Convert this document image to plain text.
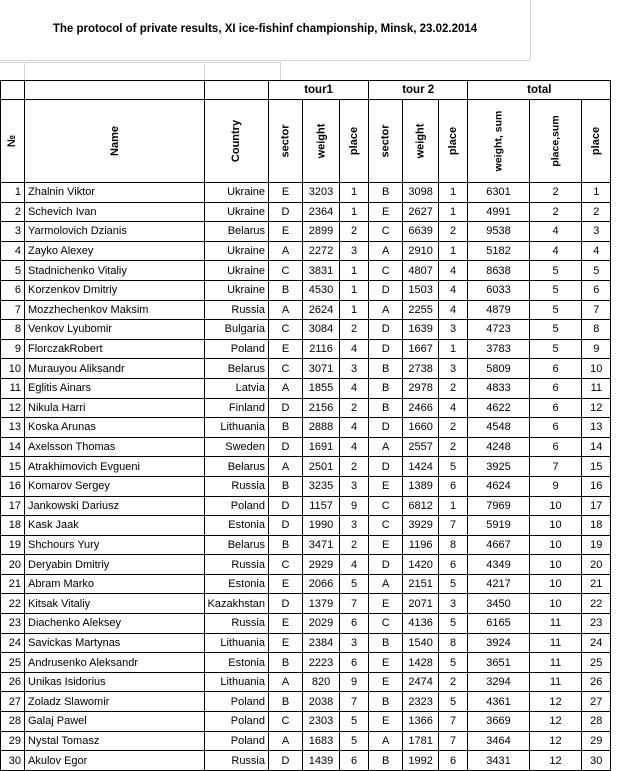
The protocol of private results, XI ice-fishinf championship, Minsk, 23.02.2014
			tour1			tour 2			total		
№	Name	Country	sector	weight	place	sector	weight	place	weight, sum	place,sum	place
1	Zhalnin Viktor	Ukraine	E	3203	1	B	3098	1	6301	2	1
2	Schevich Ivan	Ukraine	D	2364	1	E	2627	1	4991	2	2
3	Yarmolovich Dzianis	Belarus	E	2899	2	C	6639	2	9538	4	3
4	Zayko Alexey	Ukraine	A	2272	3	A	2910	1	5182	4	4
5	Stadnichenko Vitaliy	Ukraine	C	3831	1	C	4807	4	8638	5	5
6	Korzenkov Dmitriy	Ukraine	B	4530	1	D	1503	4	6033	5	6
7	Mozzhechenkov Maksim	Russia	A	2624	1	A	2255	4	4879	5	7
8	Venkov Lyubomir	Bulgaria	C	3084	2	D	1639	3	4723	5	8
9	FlorczakRobert	Poland	E	2116	4	D	1667	1	3783	5	9
10	Murauyou Aliksandr	Belarus	C	3071	3	B	2738	3	5809	6	10
11	Eglitis Ainars	Latvia	A	1855	4	B	2978	2	4833	6	11
12	Nikula Harri	Finland	D	2156	2	B	2466	4	4622	6	12
13	Koska Arunas	Lithuania	B	2888	4	D	1660	2	4548	6	13
14	Axelsson Thomas	Sweden	D	1691	4	A	2557	2	4248	6	14
15	Atrakhimovich Evgueni	Belarus	A	2501	2	D	1424	5	3925	7	15
16	Komarov Sergey	Russia	B	3235	3	E	1389	6	4624	9	16
17	Jankowski Dariusz	Poland	D	1157	9	C	6812	1	7969	10	17
18	Kask Jaak	Estonia	D	1990	3	C	3929	7	5919	10	18
19	Shchours Yury	Belarus	B	3471	2	E	1196	8	4667	10	19
20	Deryabin Dmitriy	Russia	C	2929	4	D	1420	6	4349	10	20
21	Abram Marko	Estonia	E	2066	5	A	2151	5	4217	10	21
22	Kitsak Vitaliy	Kazakhstan	D	1379	7	E	2071	3	3450	10	22
23	Diachenko Aleksey	Russia	E	2029	6	C	4136	5	6165	11	23
24	Savickas Martynas	Lithuania	E	2384	3	B	1540	8	3924	11	24
25	Andrusenko Aleksandr	Estonia	B	2223	6	E	1428	5	3651	11	25
26	Unikas Isidorius	Lithuania	A	820	9	E	2474	2	3294	11	26
27	Zoladz Slawomir	Poland	B	2038	7	B	2323	5	4361	12	27
28	Galaj Pawel	Poland	C	2303	5	E	1366	7	3669	12	28
29	Nystal Tomasz	Poland	A	1683	5	A	1781	7	3464	12	29
30	Akulov Egor	Russia	D	1439	6	B	1992	6	3431	12	30
